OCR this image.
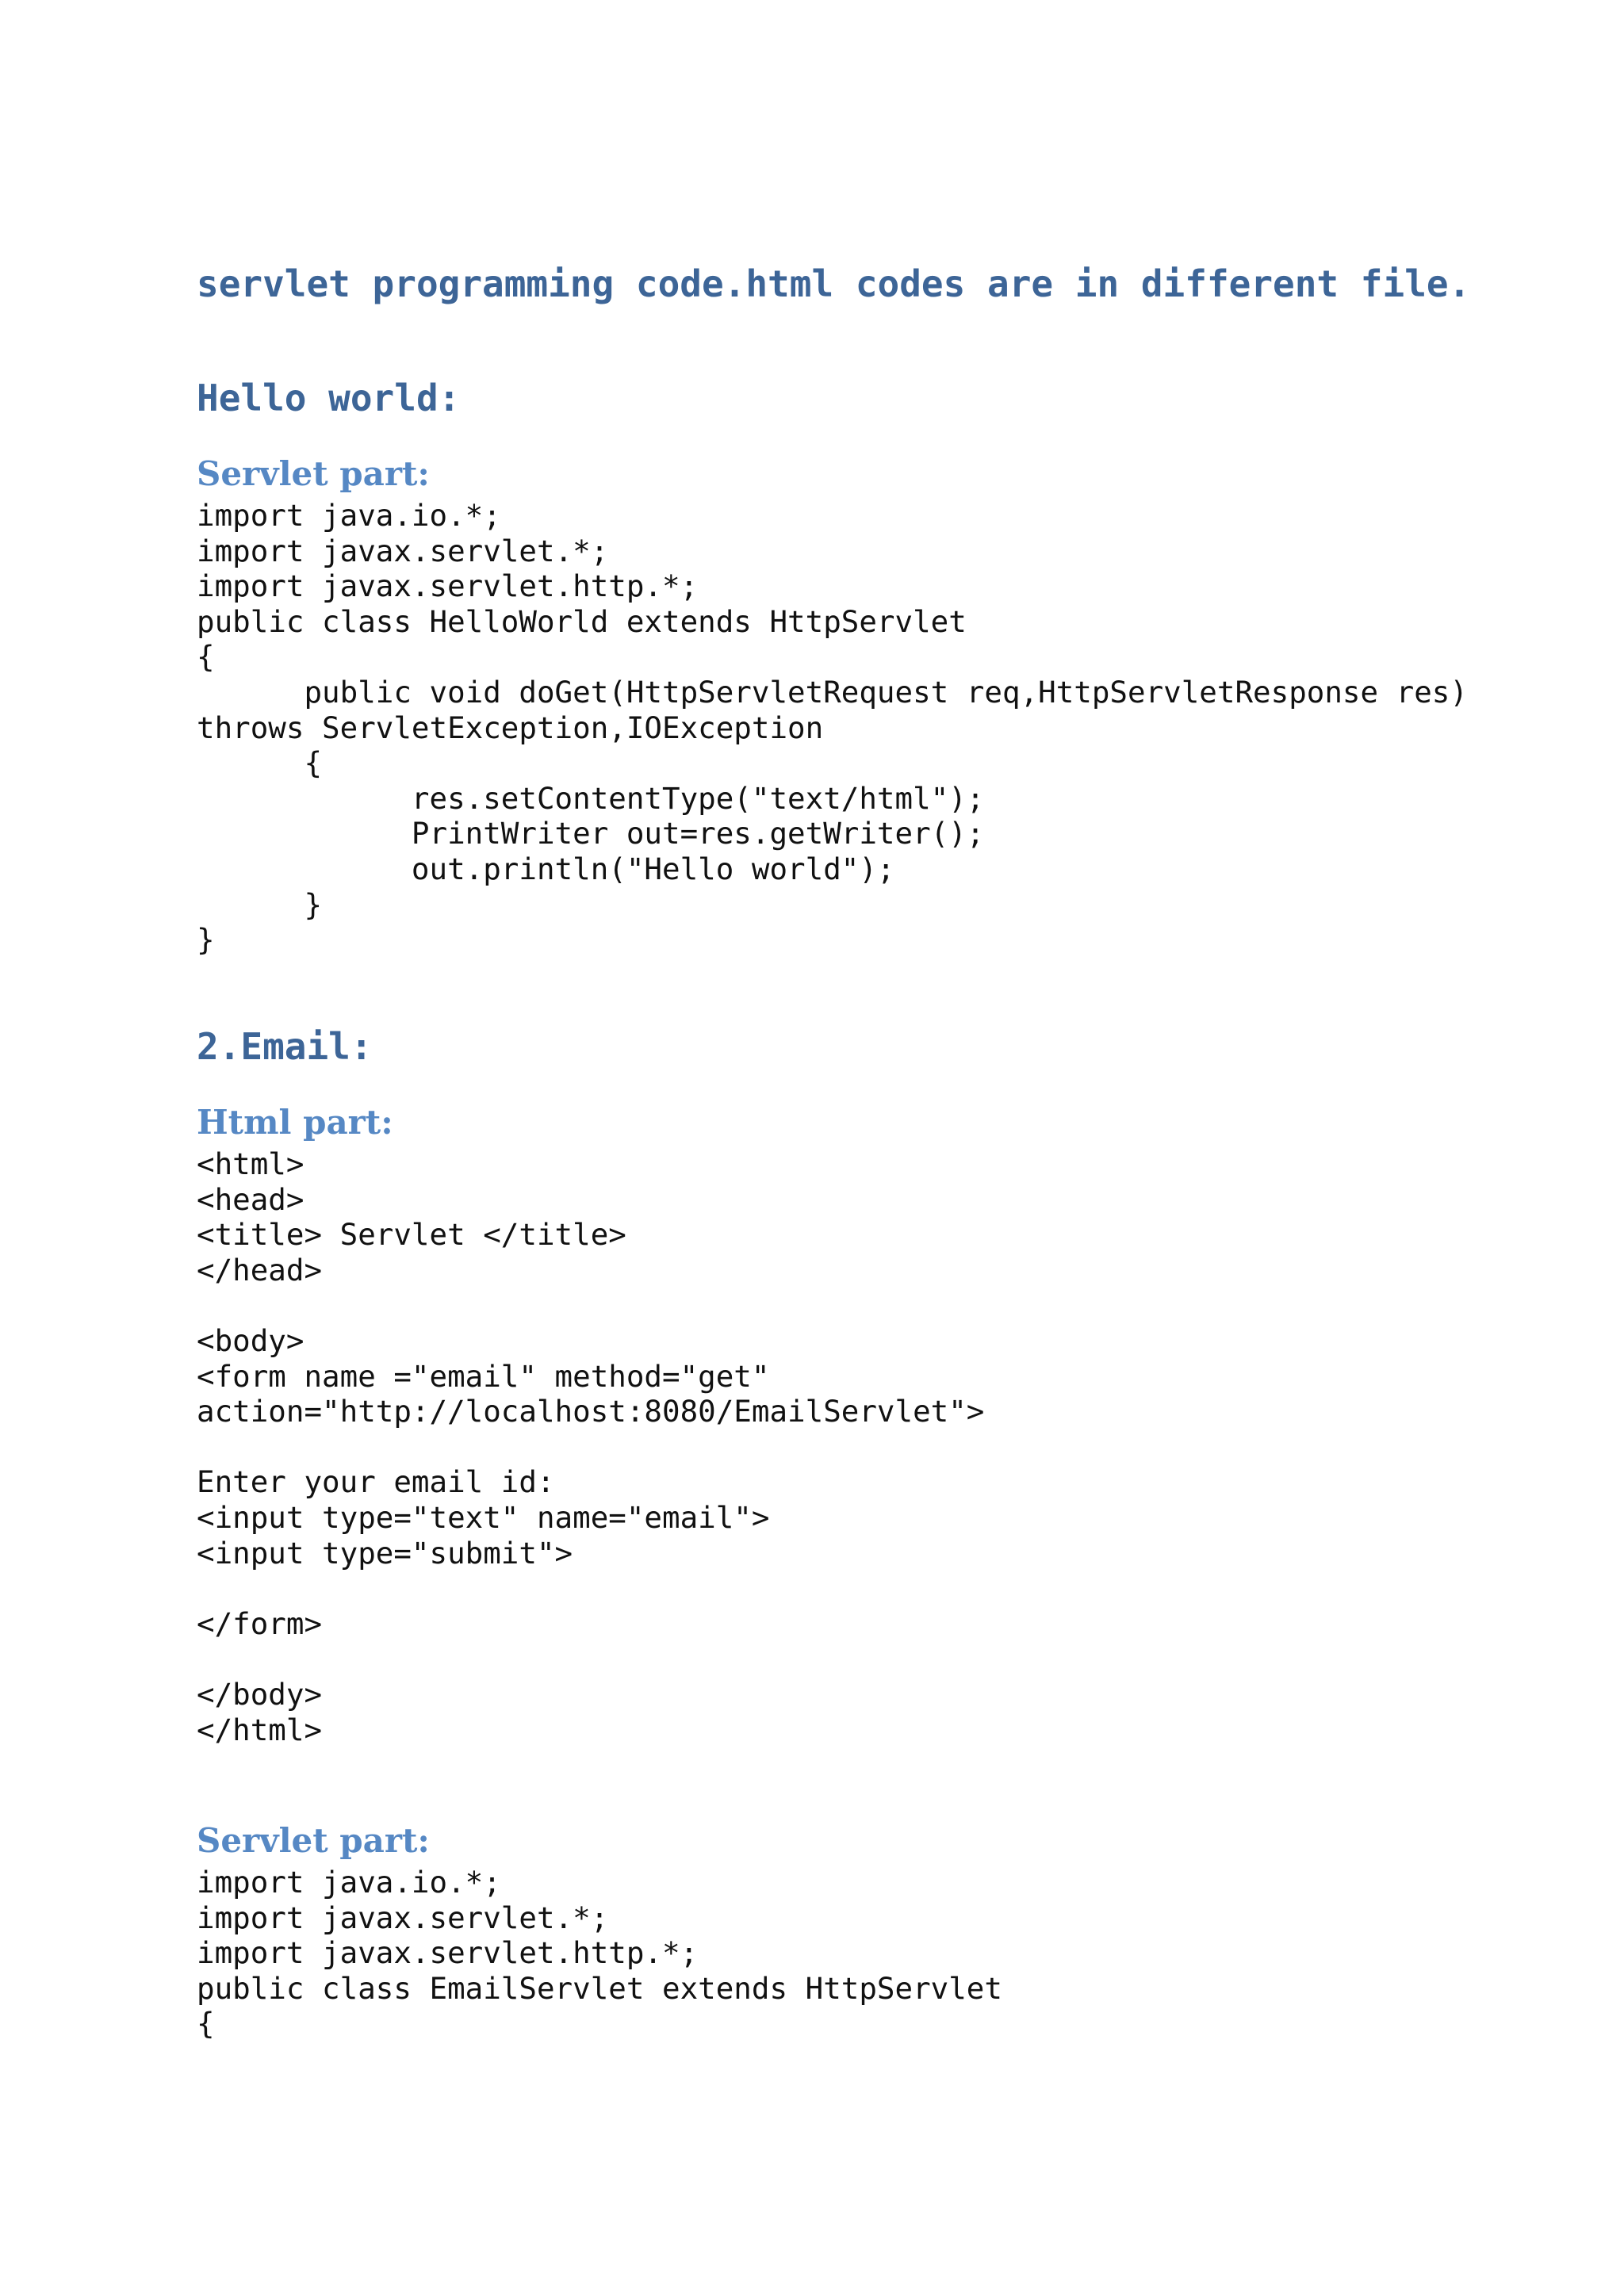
servlet programming code.html codes are in different file.
Hello world:
Servlet part:
import java.io.*;
import javax.servlet.*;
import javax.servlet.http.*;
public class HelloWorld extends HttpServlet
{
public void doGet(HttpServletRequest req,HttpServletResponse res)
throws ServletException,IOException
{
res.setContentType("text/html");
PrintWriter out=res.getWriter();
out.println("Hello world");
}
}
2.Email:
Html part:
<html>
<head>
<title> Servlet </title>
</head>
<body>
<form name ="email" method="get"
action="http://localhost:8080/EmailServlet">
Enter your email id:
<input type="text" name="email">
<input type="submit">
</form>
</body>
</html>
Servlet part:
import java.io.*;
import javax.servlet.*;
import javax.servlet.http.*;
public class EmailServlet extends HttpServlet
{
